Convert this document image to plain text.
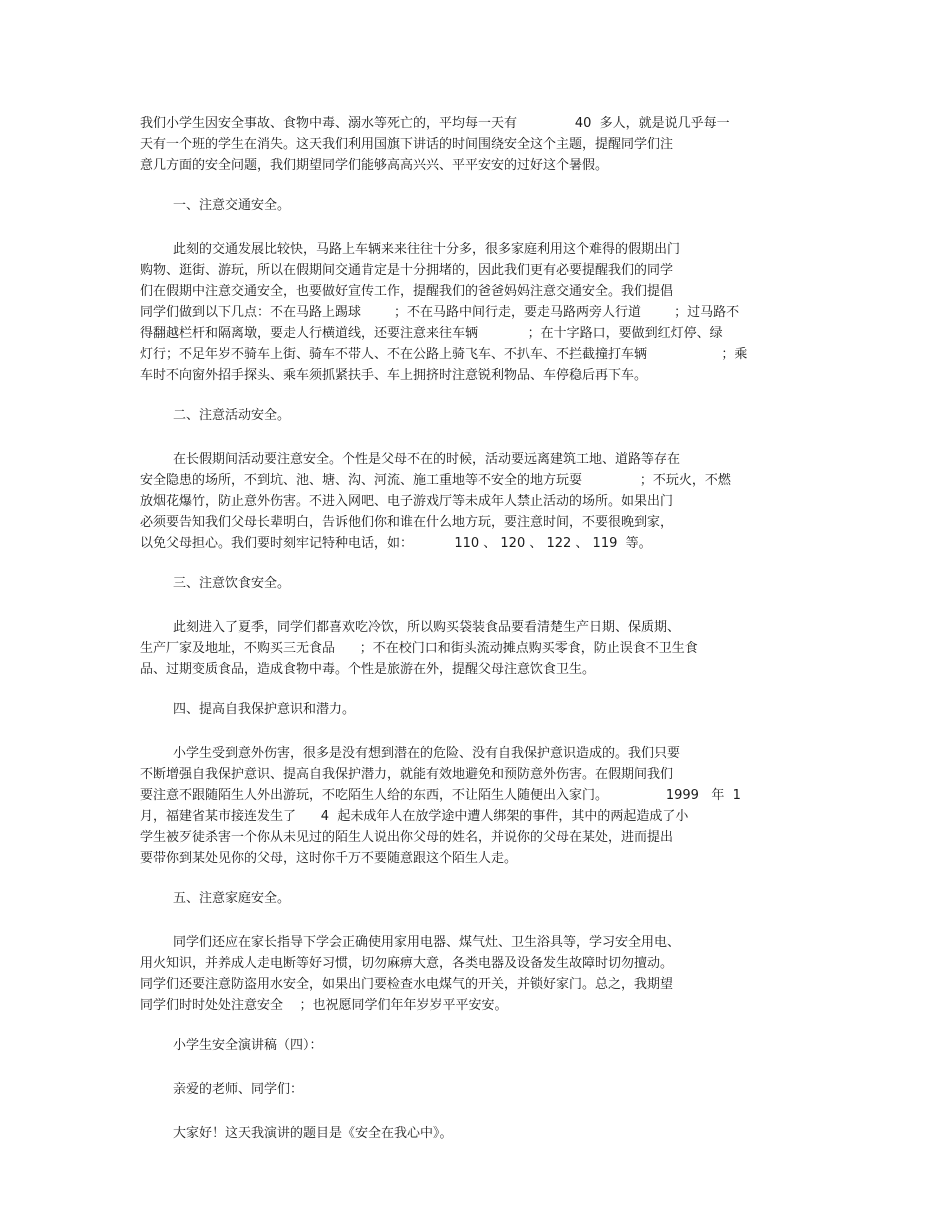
我们小学生因安全事故、食物中毒、溺水等死亡的，平均每一天有              40  多人，就是说几乎每一
天有一个班的学生在消失。这天我们利用国旗下讲话的时间围绕安全这个主题，提醒同学们注
意几方面的安全问题，我们期望同学们能够高高兴兴、平平安安的过好这个暑假。
一、注意交通安全。
此刻的交通发展比较快，马路上车辆来来往往十分多，很多家庭利用这个难得的假期出门
购物、逛街、游玩，所以在假期间交通肯定是十分拥堵的，因此我们更有必要提醒我们的同学
们在假期中注意交通安全，也要做好宣传工作，提醒我们的爸爸妈妈注意交通安全。我们提倡
同学们做到以下几点：不在马路上踢球        ；不在马路中间行走，要走马路两旁人行道        ；过马路不
得翻越栏杆和隔离墩，要走人行横道线，还要注意来往车辆            ；在十字路口，要做到红灯停、绿
灯行；不足年岁不骑车上街、骑车不带人、不在公路上骑飞车、不扒车、不拦截撞打车辆                  ；乘
车时不向窗外招手探头、乘车须抓紧扶手、车上拥挤时注意锐利物品、车停稳后再下车。
二、注意活动安全。
在长假期间活动要注意安全。个性是父母不在的时候，活动要远离建筑工地、道路等存在
安全隐患的场所，不到坑、池、塘、沟、河流、施工重地等不安全的地方玩耍              ；不玩火，不燃
放烟花爆竹，防止意外伤害。不进入网吧、电子游戏厅等未成年人禁止活动的场所。如果出门
必须要告知我们父母长辈明白，告诉他们你和谁在什么地方玩，要注意时间，不要很晚到家，
以免父母担心。我们要时刻牢记特种电话，如：          110 、 120 、 122 、 119  等。
三、注意饮食安全。
此刻进入了夏季，同学们都喜欢吃冷饮，所以购买袋装食品要看清楚生产日期、保质期、
生产厂家及地址，不购买三无食品      ；不在校门口和街头流动摊点购买零食，防止误食不卫生食
品、过期变质食品，造成食物中毒。个性是旅游在外，提醒父母注意饮食卫生。
四、提高自我保护意识和潜力。
小学生受到意外伤害，很多是没有想到潜在的危险、没有自我保护意识造成的。我们只要
不断增强自我保护意识、提高自我保护潜力，就能有效地避免和预防意外伤害。在假期间我们
要注意不跟随陌生人外出游玩，不吃陌生人给的东西，不让陌生人随便出入家门。              1999   年  1
月，福建省某市接连发生了      4  起未成年人在放学途中遭人绑架的事件，其中的两起造成了小
学生被歹徒杀害一个你从未见过的陌生人说出你父母的姓名，并说你的父母在某处，进而提出
要带你到某处见你的父母，这时你千万不要随意跟这个陌生人走。
五、注意家庭安全。
同学们还应在家长指导下学会正确使用家用电器、煤气灶、卫生浴具等，学习安全用电、
用火知识，并养成人走电断等好习惯，切勿麻痹大意，各类电器及设备发生故障时切勿擅动。
同学们还要注意防盗用水安全，如果出门要检查水电煤气的开关，并锁好家门。总之，我期望
同学们时时处处注意安全    ；也祝愿同学们年年岁岁平平安安。
小学生安全演讲稿（四）：
亲爱的老师、同学们：
大家好！这天我演讲的题目是《安全在我心中》。
